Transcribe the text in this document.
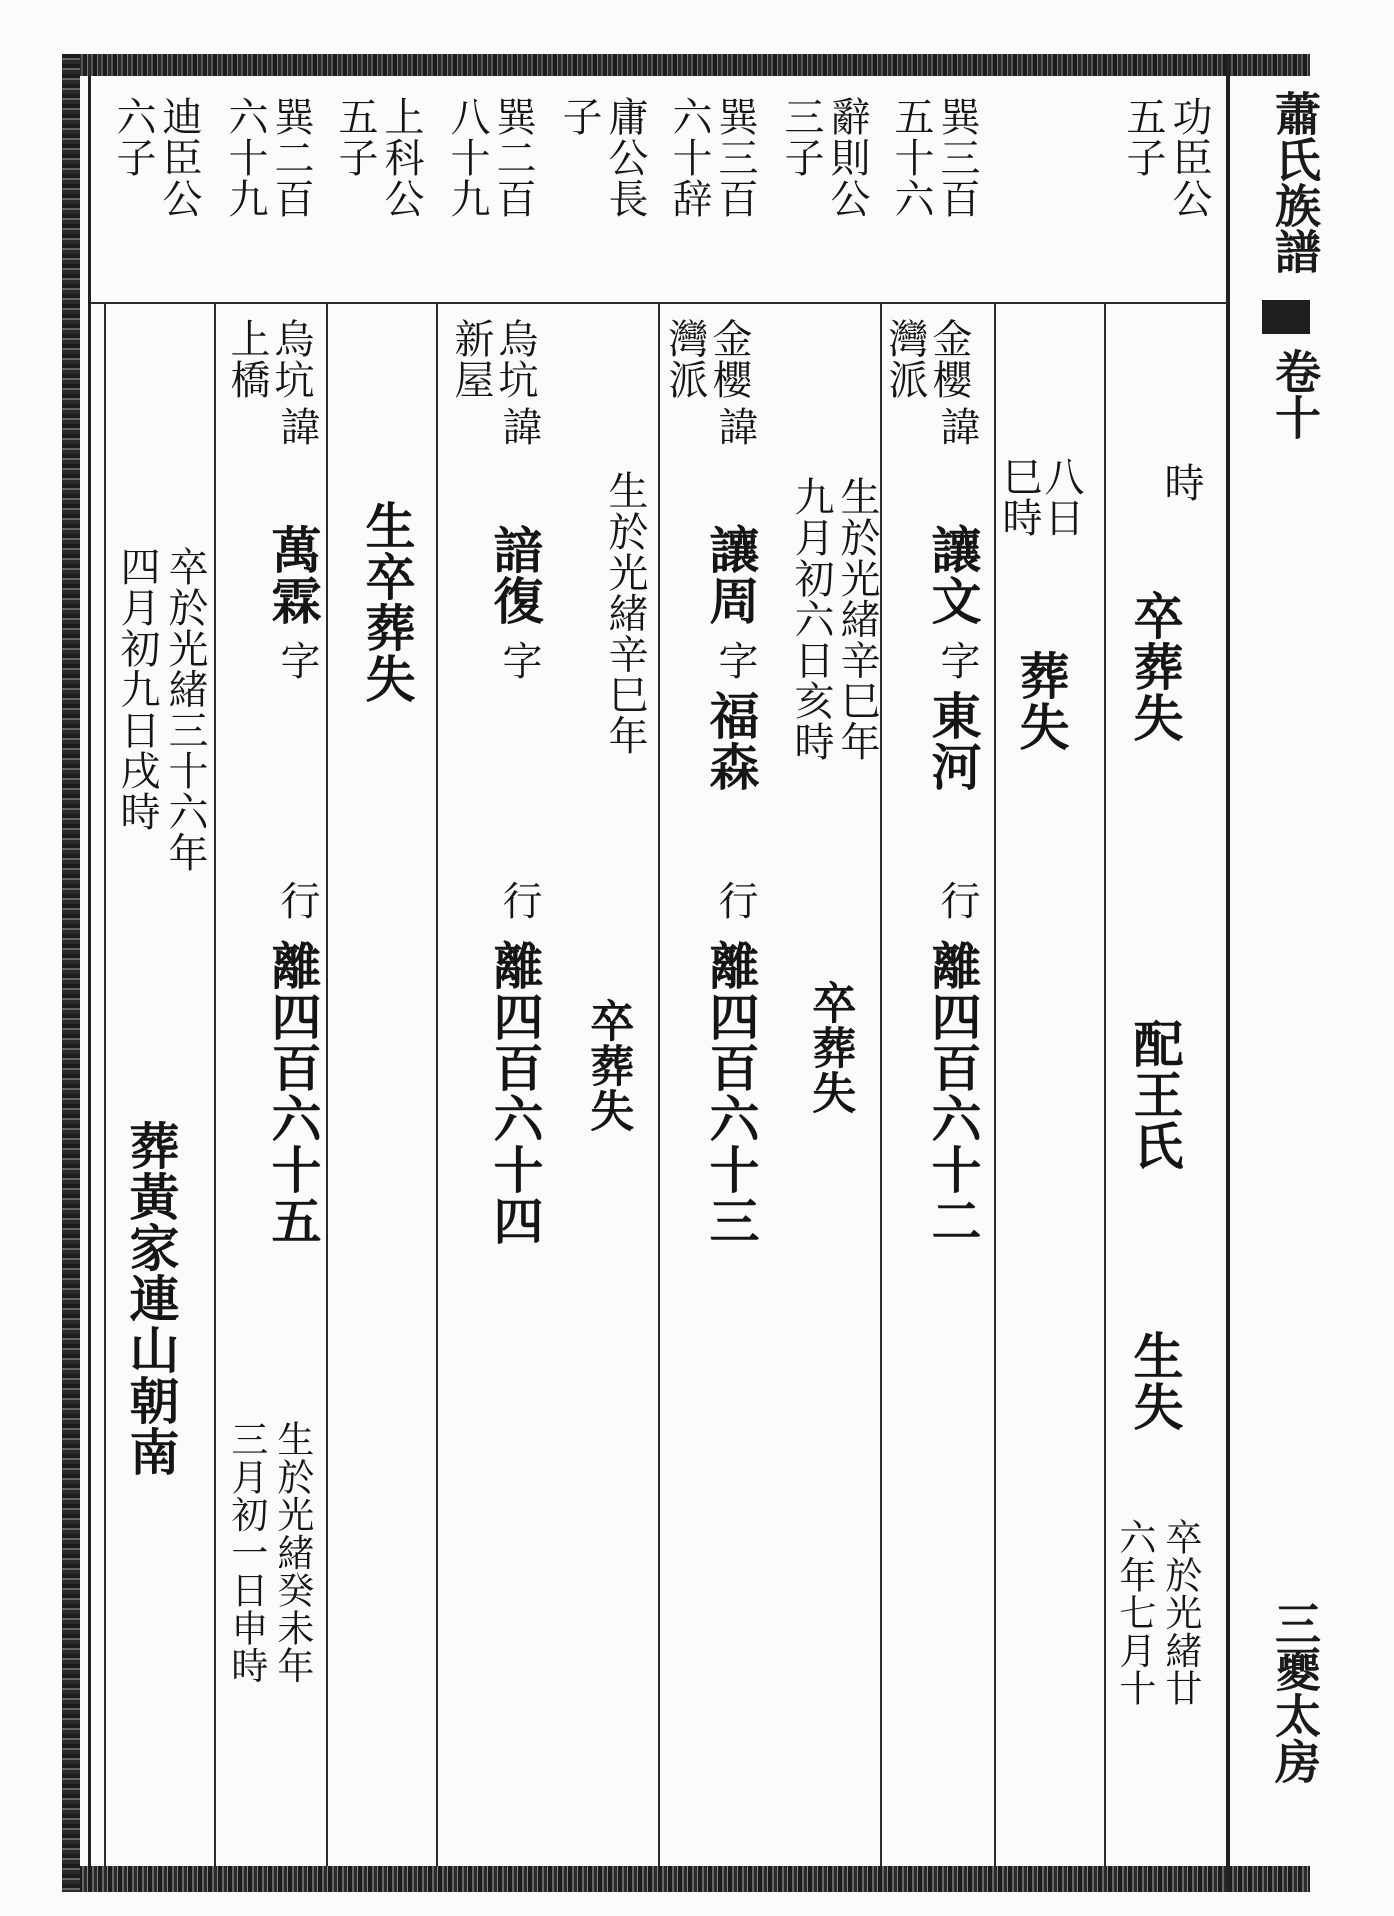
蕭氏族譜
卷十
三夒太房
功臣公
五子
巽三百
五十六
辭則公
三子
巽三百
六十辞
庸公長
子
巽二百
八十九
上科公
五子
巽二百
六十九
迪臣公
六子
時
卒葬失
配王氏
生失
卒於光緒廿
六年七月十
八日
巳時
葬失
金櫻
灣派
諱
讓文
字
東河
行
離四百六十二
生於光緒辛巳年
九月初六日亥時
卒葬失
金櫻
灣派
諱
讓周
字
福森
行
離四百六十三
生於光緒辛巳年
卒葬失
烏坑
新屋
諱
諳復
字
行
離四百六十四
生卒葬失
烏坑
上橋
諱
萬霖
字
行
離四百六十五
生於光緒癸未年
三月初一日申時
卒於光緒三十六年
四月初九日戌時
葬黃家連山朝南
